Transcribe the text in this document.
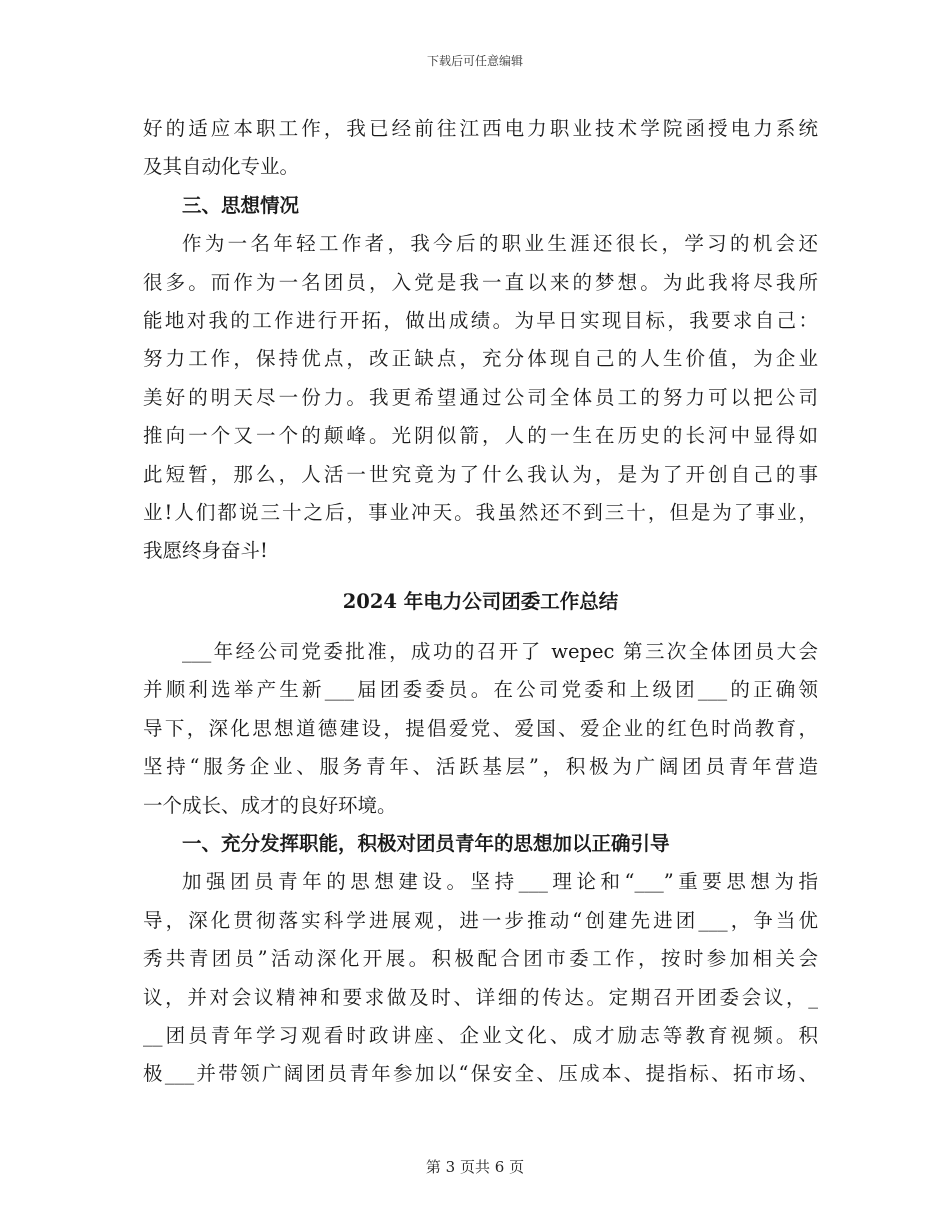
下载后可任意编辑
好的适应本职工作，我已经前往江西电力职业技术学院函授电力系统
及其自动化专业。
三、思想情况
作为一名年轻工作者，我今后的职业生涯还很长，学习的机会还
很多。而作为一名团员，入党是我一直以来的梦想。为此我将尽我所
能地对我的工作进行开拓，做出成绩。为早日实现目标，我要求自己：
努力工作，保持优点，改正缺点，充分体现自己的人生价值，为企业
美好的明天尽一份力。我更希望通过公司全体员工的努力可以把公司
推向一个又一个的颠峰。光阴似箭，人的一生在历史的长河中显得如
此短暂，那么，人活一世究竟为了什么我认为，是为了开创自己的事
业!人们都说三十之后，事业冲天。我虽然还不到三十，但是为了事业，
我愿终身奋斗!
2024 年电力公司团委工作总结
___年经公司党委批准，成功的召开了 wepec 第三次全体团员大会
并顺利选举产生新___届团委委员。在公司党委和上级团___的正确领
导下，深化思想道德建设，提倡爱党、爱国、爱企业的红色时尚教育，
坚持“服务企业、服务青年、活跃基层”，积极为广阔团员青年营造
一个成长、成才的良好环境。
一、充分发挥职能，积极对团员青年的思想加以正确引导
加强团员青年的思想建设。坚持___理论和“___”重要思想为指
导，深化贯彻落实科学进展观，进一步推动“创建先进团___，争当优
秀共青团员”活动深化开展。积极配合团市委工作，按时参加相关会
议，并对会议精神和要求做及时、详细的传达。定期召开团委会议，_
__团员青年学习观看时政讲座、企业文化、成才励志等教育视频。积
极___并带领广阔团员青年参加以“保安全、压成本、提指标、拓市场、
第 3 页共 6 页
